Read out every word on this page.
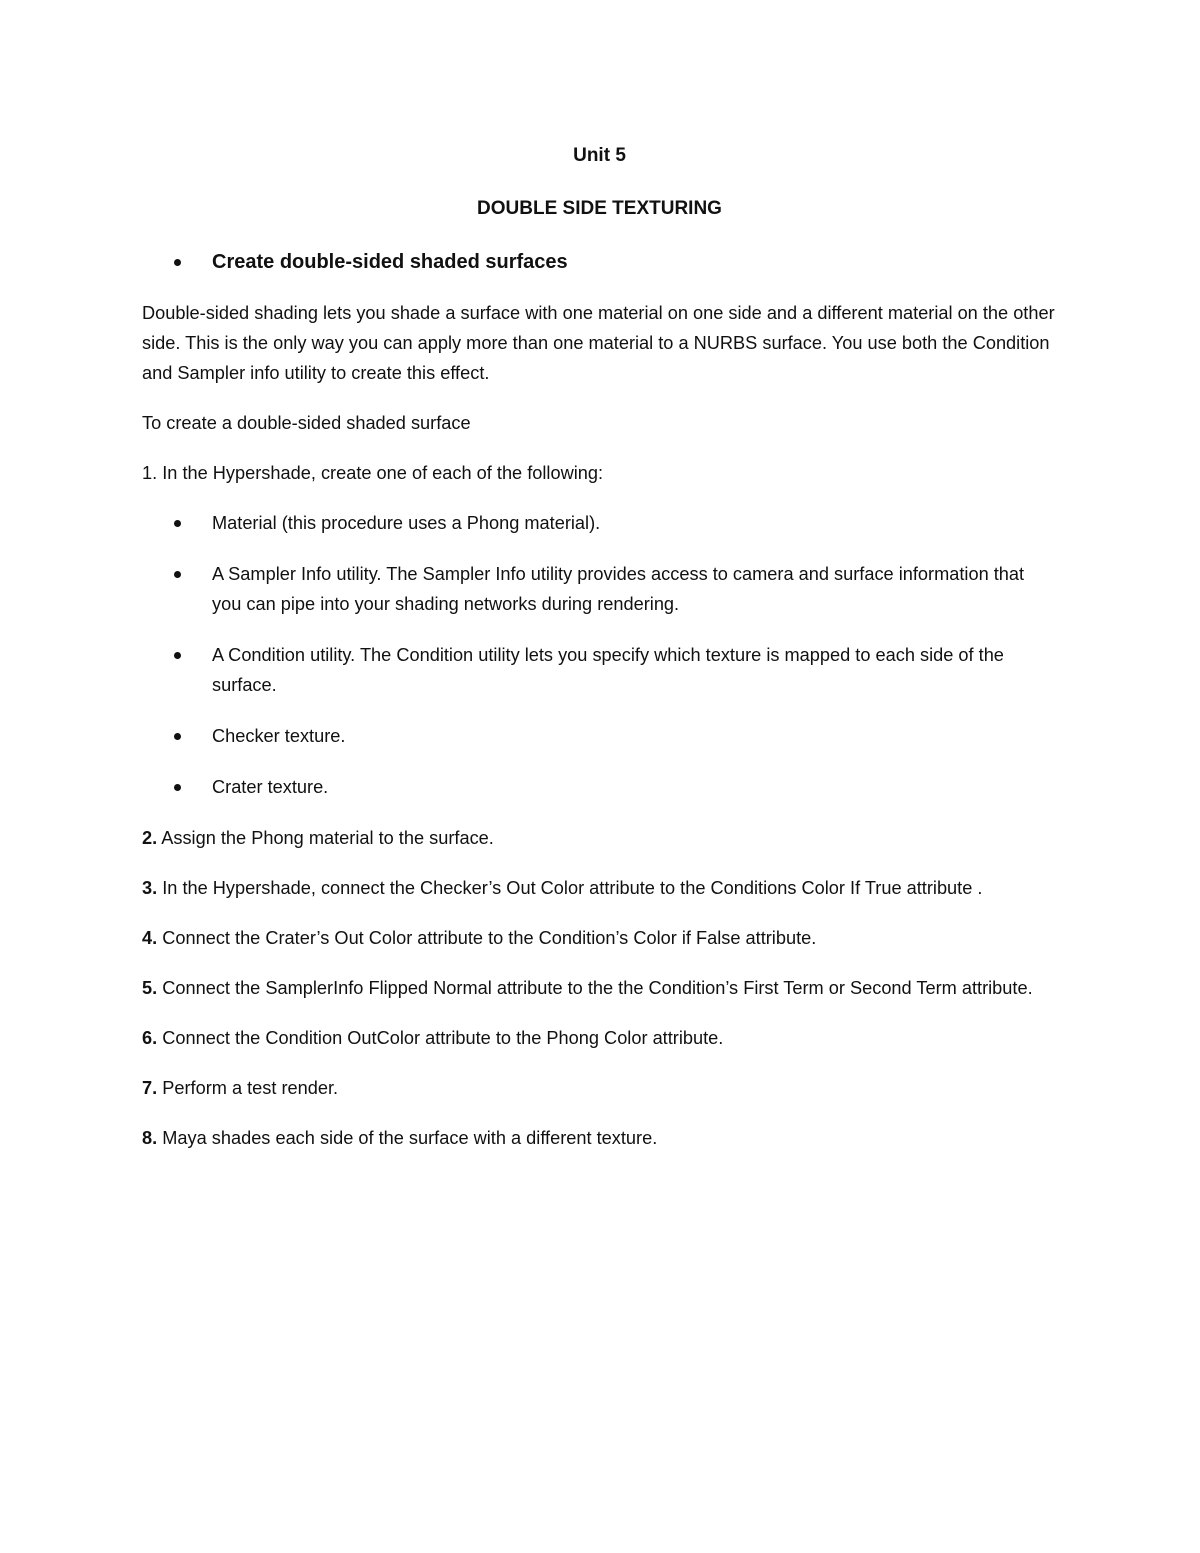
Unit 5

DOUBLE SIDE TEXTURING

Create double-sided shaded surfaces

Double-sided shading lets you shade a surface with one material on one side and a different material on the other side. This is the only way you can apply more than one material to a NURBS surface. You use both the Condition and Sampler info utility to create this effect.

To create a double-sided shaded surface

1. In the Hypershade, create one of each of the following:

Material (this procedure uses a Phong material).
A Sampler Info utility. The Sampler Info utility provides access to camera and surface information that you can pipe into your shading networks during rendering.
A Condition utility. The Condition utility lets you specify which texture is mapped to each side of the surface.
Checker texture.
Crater texture.

2. Assign the Phong material to the surface.

3. In the Hypershade, connect the Checker’s Out Color attribute to the Conditions Color If True attribute .

4. Connect the Crater’s Out Color attribute to the Condition’s Color if False attribute.

5. Connect the SamplerInfo Flipped Normal attribute to the the Condition’s First Term or Second Term attribute.

6. Connect the Condition OutColor attribute to the Phong Color attribute.

7. Perform a test render.

8. Maya shades each side of the surface with a different texture.
